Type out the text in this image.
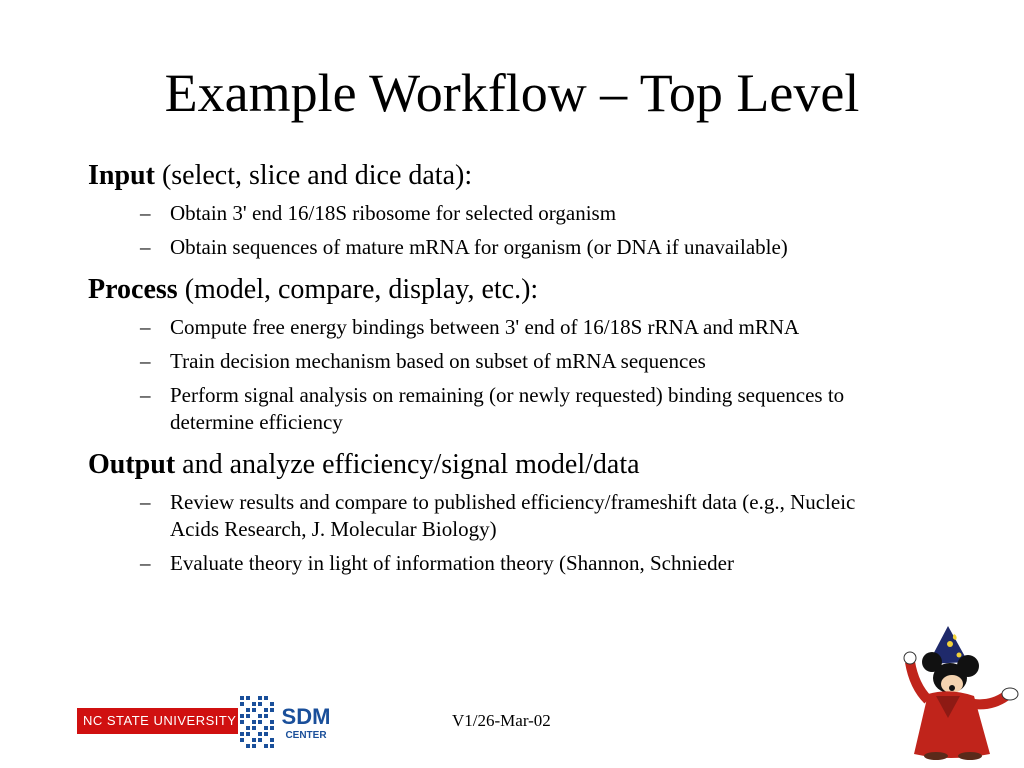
Example Workflow – Top Level
Input (select, slice and dice data):
– Obtain 3' end 16/18S ribosome for selected organism
– Obtain sequences of mature mRNA for organism (or DNA if unavailable)
Process (model, compare, display, etc.):
– Compute free energy bindings between 3' end of 16/18S rRNA and mRNA
– Train decision mechanism based on subset of mRNA sequences
– Perform signal analysis on remaining (or newly requested) binding sequences to determine efficiency
Output and analyze efficiency/signal model/data
– Review results and compare to published efficiency/frameshift data (e.g., Nucleic Acids Research, J. Molecular Biology)
– Evaluate theory in light of information theory (Shannon, Schnieder
NC STATE UNIVERSITY SDM
CENTER
V1/26-Mar-02
